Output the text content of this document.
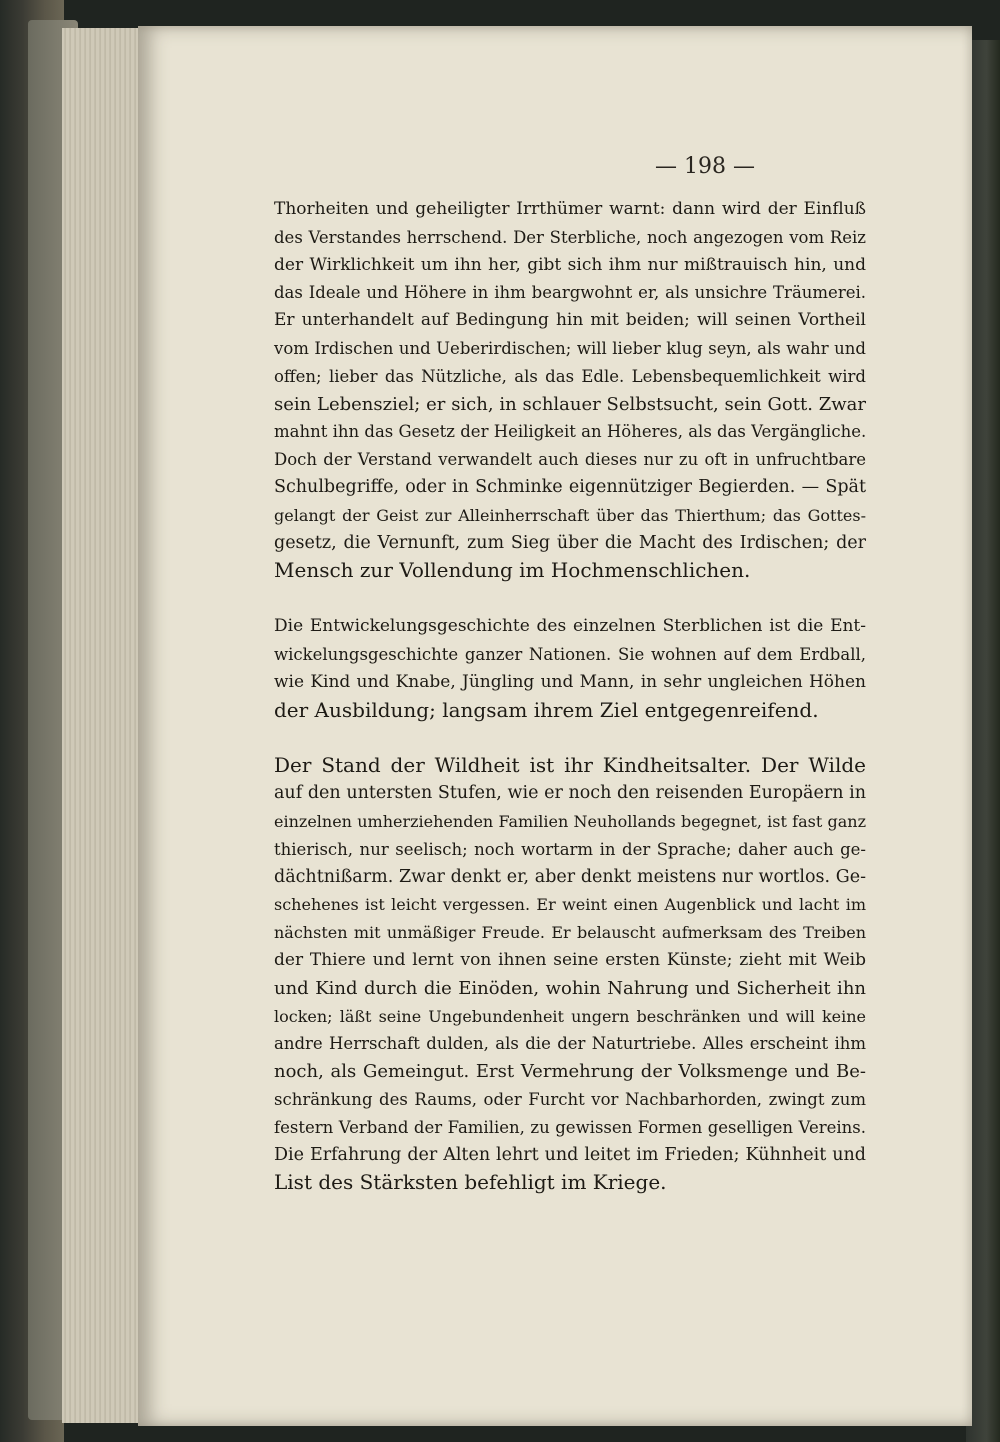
— 198 —

Thorheiten und geheiligter Irrthümer warnt: dann wird der Einfluß
des Verstandes herrschend. Der Sterbliche, noch angezogen vom Reiz
der Wirklichkeit um ihn her, gibt sich ihm nur mißtrauisch hin, und
das Ideale und Höhere in ihm beargwohnt er, als unsichre Träumerei.
Er unterhandelt auf Bedingung hin mit beiden; will seinen Vortheil
vom Irdischen und Ueberirdischen; will lieber klug seyn, als wahr und
offen; lieber das Nützliche, als das Edle. Lebensbequemlichkeit wird
sein Lebensziel; er sich, in schlauer Selbstsucht, sein Gott. Zwar
mahnt ihn das Gesetz der Heiligkeit an Höheres, als das Vergängliche.
Doch der Verstand verwandelt auch dieses nur zu oft in unfruchtbare
Schulbegriffe, oder in Schminke eigennütziger Begierden. — Spät
gelangt der Geist zur Alleinherrschaft über das Thierthum; das Gottes-
gesetz, die Vernunft, zum Sieg über die Macht des Irdischen; der
Mensch zur Vollendung im Hochmenschlichen.

Die Entwickelungsgeschichte des einzelnen Sterblichen ist die Ent-
wickelungsgeschichte ganzer Nationen. Sie wohnen auf dem Erdball,
wie Kind und Knabe, Jüngling und Mann, in sehr ungleichen Höhen
der Ausbildung; langsam ihrem Ziel entgegenreifend.

Der Stand der Wildheit ist ihr Kindheitsalter. Der Wilde
auf den untersten Stufen, wie er noch den reisenden Europäern in
einzelnen umherziehenden Familien Neuhollands begegnet, ist fast ganz
thierisch, nur seelisch; noch wortarm in der Sprache; daher auch ge-
dächtnißarm. Zwar denkt er, aber denkt meistens nur wortlos. Ge-
schehenes ist leicht vergessen. Er weint einen Augenblick und lacht im
nächsten mit unmäßiger Freude. Er belauscht aufmerksam des Treiben
der Thiere und lernt von ihnen seine ersten Künste; zieht mit Weib
und Kind durch die Einöden, wohin Nahrung und Sicherheit ihn
locken; läßt seine Ungebundenheit ungern beschränken und will keine
andre Herrschaft dulden, als die der Naturtriebe. Alles erscheint ihm
noch, als Gemeingut. Erst Vermehrung der Volksmenge und Be-
schränkung des Raums, oder Furcht vor Nachbarhorden, zwingt zum
festern Verband der Familien, zu gewissen Formen geselligen Vereins.
Die Erfahrung der Alten lehrt und leitet im Frieden; Kühnheit und
List des Stärksten befehligt im Kriege.
